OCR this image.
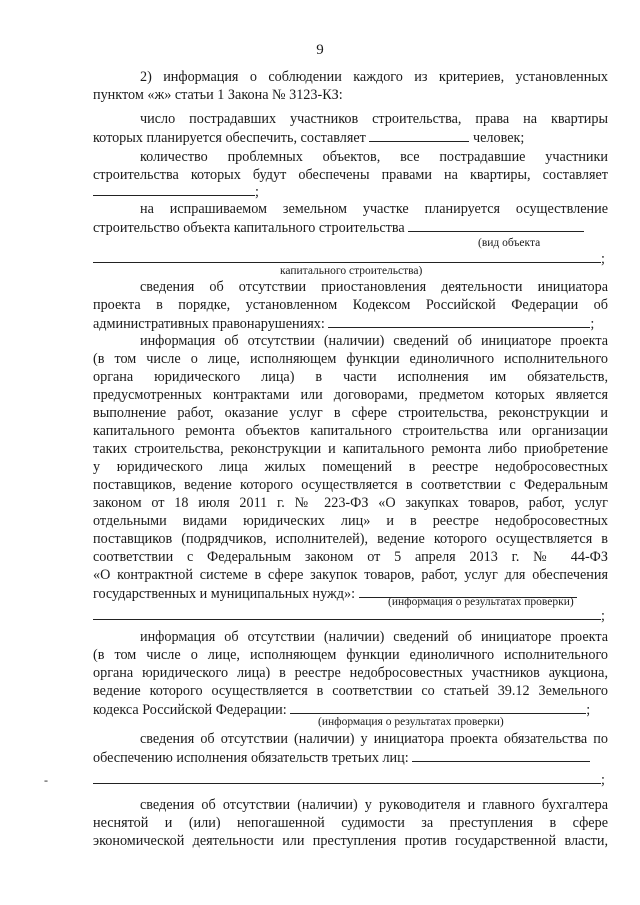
9
2) информация о соблюдении каждого из критериев, установленных
пунктом «ж» статьи 1 Закона № 3123-КЗ:
число пострадавших участников строительства, права на квартиры
которых планируется обеспечить, составляет	человек;
количество проблемных объектов, все пострадавшие участники
строительства которых будут обеспечены правами на квартиры, составляет
;
на испрашиваемом земельном участке планируется осуществление
строительство объекта капитального строительства
(вид объекта
;
капитального строительства)
сведения об отсутствии приостановления деятельности инициатора
проекта в порядке, установленном Кодексом Российской Федерации об
административных правонарушениях:	;
информация об отсутствии (наличии) сведений об инициаторе проекта
(в том числе о лице, исполняющем функции единоличного исполнительного
органа юридического лица) в части исполнения им обязательств,
предусмотренных контрактами или договорами, предметом которых является
выполнение работ, оказание услуг в сфере строительства, реконструкции и
капитального ремонта объектов капитального строительства или организации
таких строительства, реконструкции и капитального ремонта либо приобретение
у юридического лица жилых помещений в реестре недобросовестных
поставщиков, ведение которого осуществляется в соответствии с Федеральным
законом от 18 июля 2011 г. № 223-ФЗ «О закупках товаров, работ, услуг
отдельными видами юридических лиц» и в реестре недобросовестных
поставщиков (подрядчиков, исполнителей), ведение которого осуществляется в
соответствии с Федеральным законом от 5 апреля 2013 г. № 44-ФЗ
«О контрактной системе в сфере закупок товаров, работ, услуг для обеспечения
государственных и муниципальных нужд»:	(информация о результатах проверки)
;
информация об отсутствии (наличии) сведений об инициаторе проекта
(в том числе о лице, исполняющем функции единоличного исполнительного
органа юридического лица) в реестре недобросовестных участников аукциона,
ведение которого осуществляется в соответствии со статьей 39.12 Земельного
кодекса Российской Федерации:	;
(информация о результатах проверки)
сведения об отсутствии (наличии) у инициатора проекта обязательства по
обеспечению исполнения обязательств третьих лиц:
-	;
сведения об отсутствии (наличии) у руководителя и главного бухгалтера
неснятой и (или) непогашенной судимости за преступления в сфере
экономической деятельности или преступления против государственной власти,
